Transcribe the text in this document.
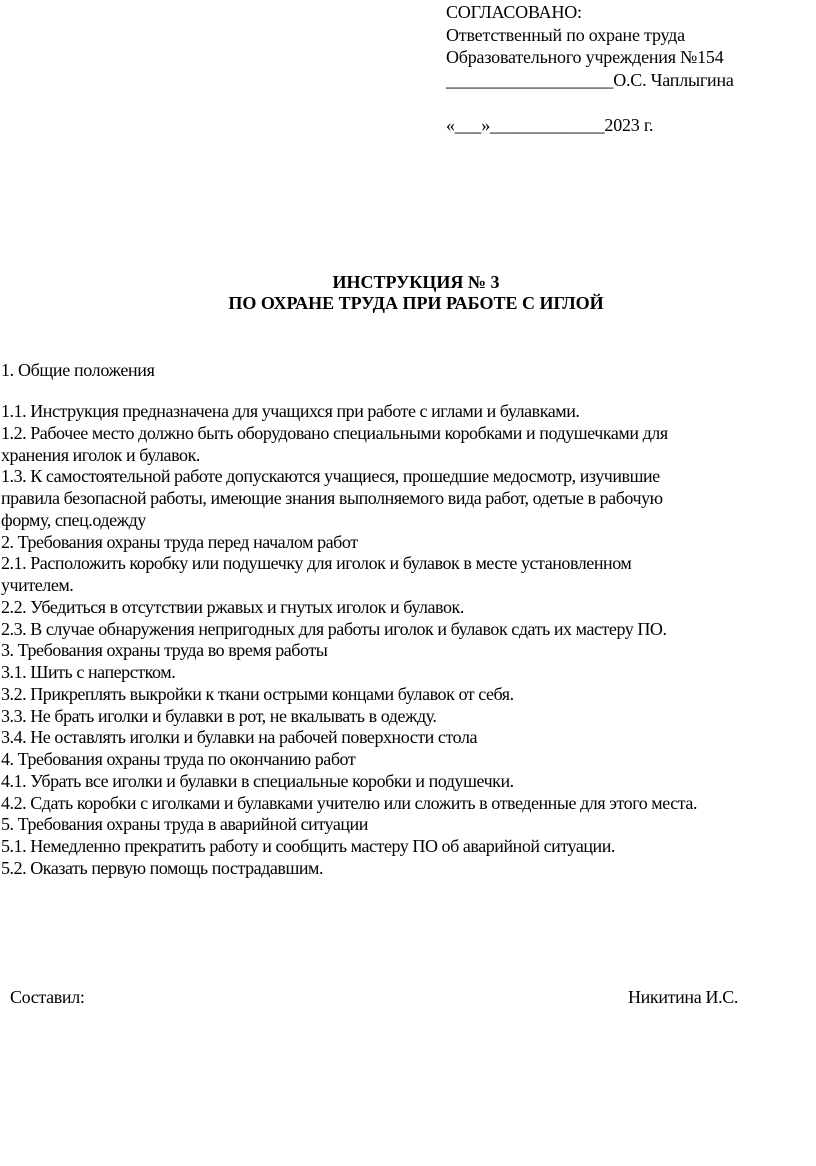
СОГЛАСОВАНО:
Ответственный по охране труда
Образовательного учреждения №154
___________________О.С. Чаплыгина
«___»_____________2023 г.
ИНСТРУКЦИЯ № 3
ПО ОХРАНЕ ТРУДА ПРИ РАБОТЕ С ИГЛОЙ
1. Общие положения
1.1. Инструкция предназначена для учащихся при работе с иглами и булавками.
1.2. Рабочее место должно быть оборудовано специальными коробками и подушечками для
хранения иголок и булавок.
1.3. К самостоятельной работе допускаются учащиеся, прошедшие медосмотр, изучившие
правила безопасной работы, имеющие знания выполняемого вида работ, одетые в рабочую
форму, спец.одежду
2. Требования охраны труда перед началом работ
2.1. Расположить коробку или подушечку для иголок и булавок в месте установленном
учителем.
2.2. Убедиться в отсутствии ржавых и гнутых иголок и булавок.
2.3. В случае обнаружения непригодных для работы иголок и булавок сдать их мастеру ПО.
3. Требования охраны труда во время работы
3.1. Шить с наперстком.
3.2. Прикреплять выкройки к ткани острыми концами булавок от себя.
3.3. Не брать иголки и булавки в рот, не вкалывать в одежду.
3.4. Не оставлять иголки и булавки на рабочей поверхности стола
4. Требования охраны труда по окончанию работ
4.1. Убрать все иголки и булавки в специальные коробки и подушечки.
4.2. Сдать коробки с иголками и булавками учителю или сложить в отведенные для этого места.
5. Требования охраны труда в аварийной ситуации
5.1. Немедленно прекратить работу и сообщить мастеру ПО об аварийной ситуации.
5.2. Оказать первую помощь пострадавшим.
Составил:	Никитина И.С.
